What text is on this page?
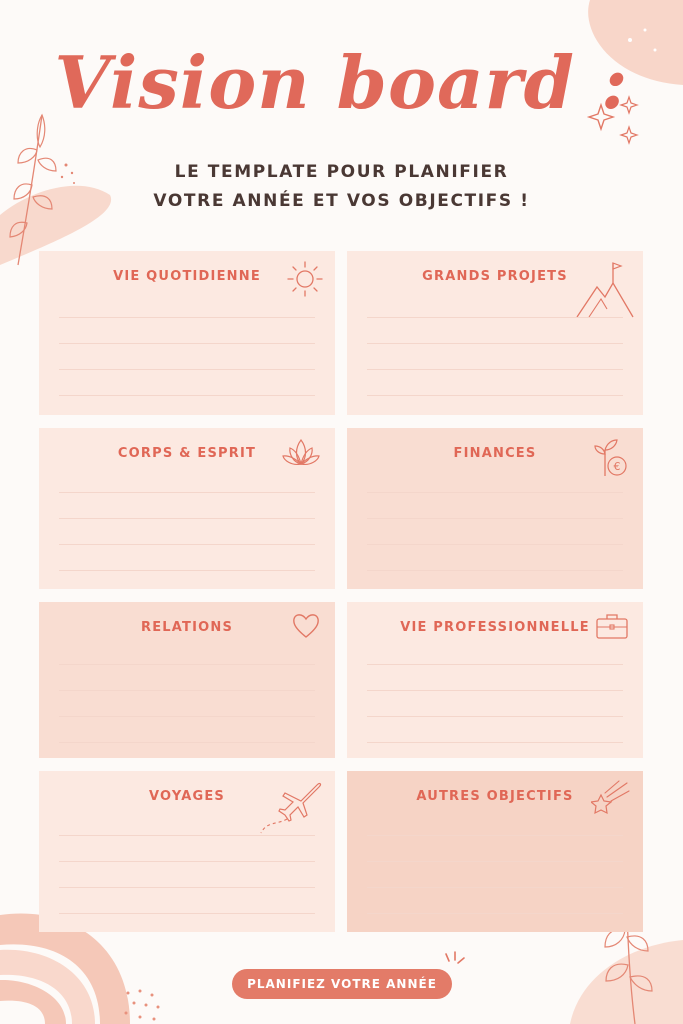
Vision board :
LE TEMPLATE POUR PLANIFIER
VOTRE ANNÉE ET VOS OBJECTIFS !
VIE QUOTIDIENNE	GRANDS PROJETS
CORPS & ESPRIT	FINANCES
€
RELATIONS	VIE PROFESSIONNELLE
VOYAGES	AUTRES OBJECTIFS
PLANIFIEZ VOTRE ANNÉE
